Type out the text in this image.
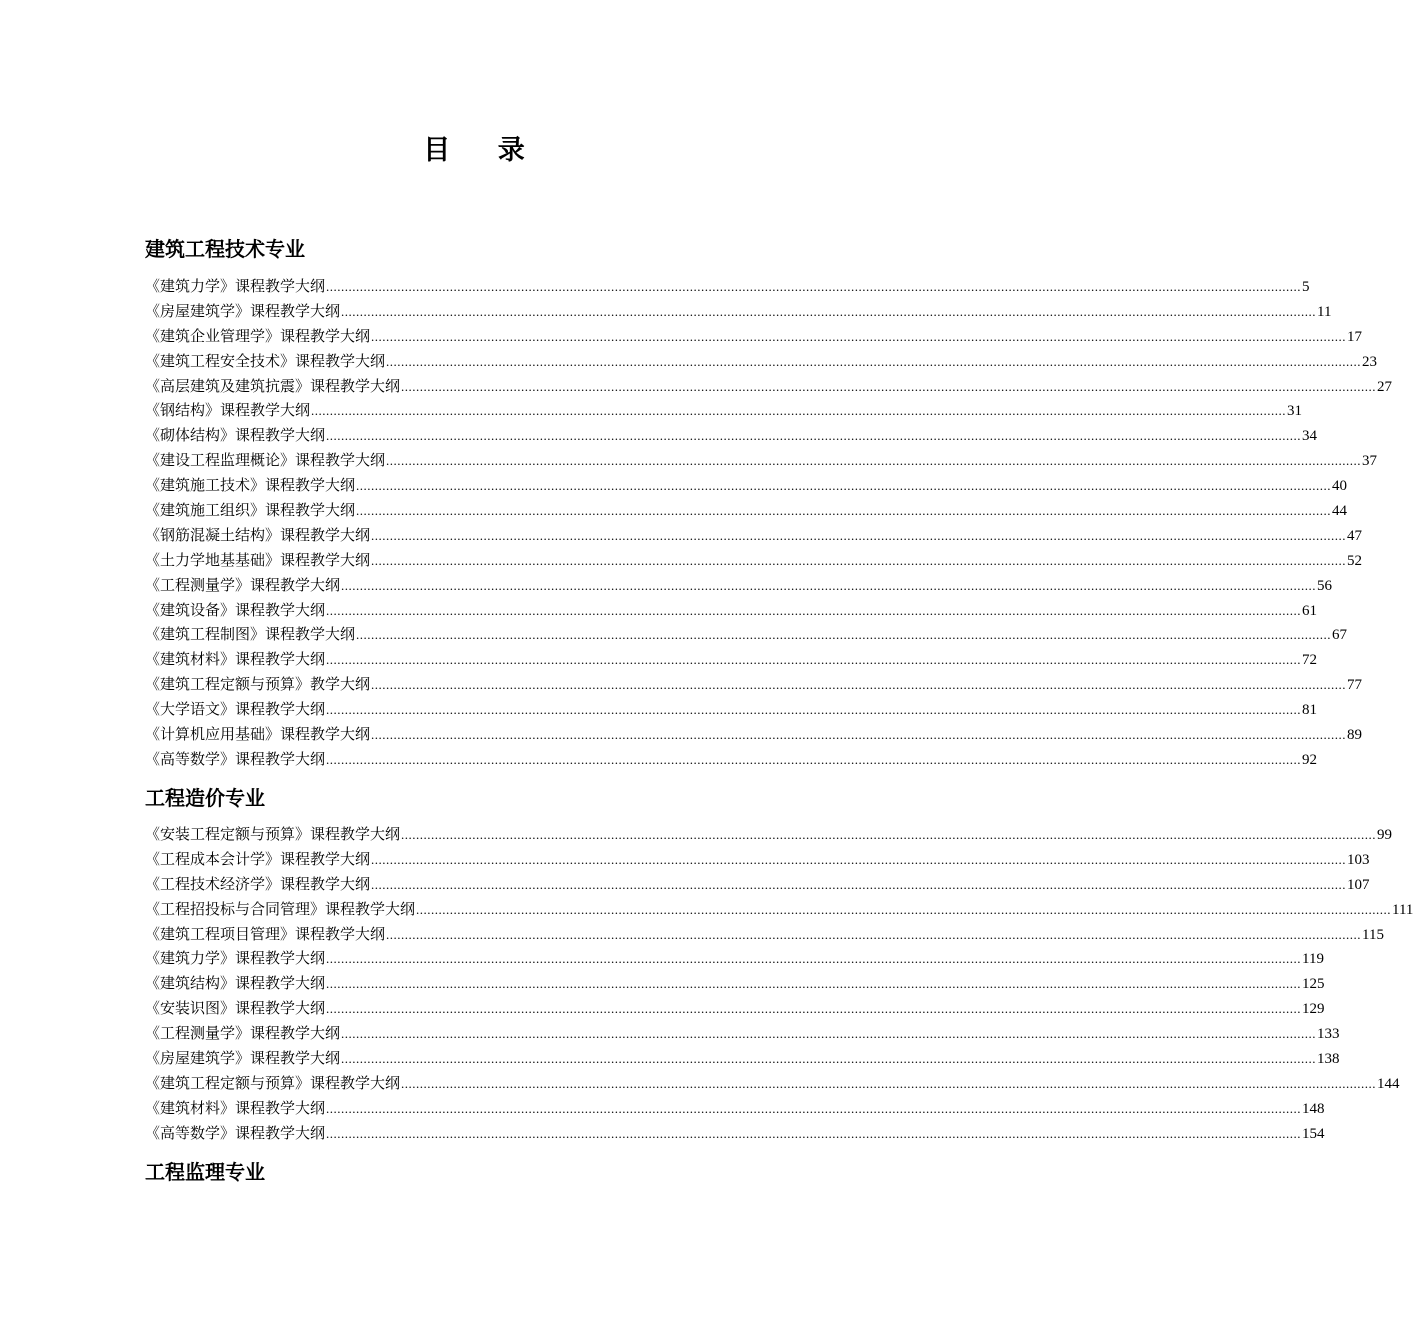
目    录
建筑工程技术专业
《建筑力学》课程教学大纲 .................................................................................................................................................................................................................................................................... 5
《房屋建筑学》课程教学大纲 .................................................................................................................................................................................................................................................................... 11
《建筑企业管理学》课程教学大纲 .................................................................................................................................................................................................................................................................... 17
《建筑工程安全技术》课程教学大纲 .................................................................................................................................................................................................................................................................... 23
《高层建筑及建筑抗震》课程教学大纲 .................................................................................................................................................................................................................................................................... 27
《钢结构》课程教学大纲 .................................................................................................................................................................................................................................................................... 31
《砌体结构》课程教学大纲 .................................................................................................................................................................................................................................................................... 34
《建设工程监理概论》课程教学大纲 .................................................................................................................................................................................................................................................................... 37
《建筑施工技术》课程教学大纲 .................................................................................................................................................................................................................................................................... 40
《建筑施工组织》课程教学大纲 .................................................................................................................................................................................................................................................................... 44
《钢筋混凝土结构》课程教学大纲 .................................................................................................................................................................................................................................................................... 47
《土力学地基基础》课程教学大纲 .................................................................................................................................................................................................................................................................... 52
《工程测量学》课程教学大纲 .................................................................................................................................................................................................................................................................... 56
《建筑设备》课程教学大纲 .................................................................................................................................................................................................................................................................... 61
《建筑工程制图》课程教学大纲 .................................................................................................................................................................................................................................................................... 67
《建筑材料》课程教学大纲 .................................................................................................................................................................................................................................................................... 72
《建筑工程定额与预算》教学大纲 .................................................................................................................................................................................................................................................................... 77
《大学语文》课程教学大纲 .................................................................................................................................................................................................................................................................... 81
《计算机应用基础》课程教学大纲 .................................................................................................................................................................................................................................................................... 89
《高等数学》课程教学大纲 .................................................................................................................................................................................................................................................................... 92
工程造价专业
《安装工程定额与预算》课程教学大纲 .................................................................................................................................................................................................................................................................... 99
《工程成本会计学》课程教学大纲 .................................................................................................................................................................................................................................................................... 103
《工程技术经济学》课程教学大纲 .................................................................................................................................................................................................................................................................... 107
《工程招投标与合同管理》课程教学大纲 .................................................................................................................................................................................................................................................................... 111
《建筑工程项目管理》课程教学大纲 .................................................................................................................................................................................................................................................................... 115
《建筑力学》课程教学大纲 .................................................................................................................................................................................................................................................................... 119
《建筑结构》课程教学大纲 .................................................................................................................................................................................................................................................................... 125
《安装识图》课程教学大纲 .................................................................................................................................................................................................................................................................... 129
《工程测量学》课程教学大纲 .................................................................................................................................................................................................................................................................... 133
《房屋建筑学》课程教学大纲 .................................................................................................................................................................................................................................................................... 138
《建筑工程定额与预算》课程教学大纲 .................................................................................................................................................................................................................................................................... 144
《建筑材料》课程教学大纲 .................................................................................................................................................................................................................................................................... 148
《高等数学》课程教学大纲 .................................................................................................................................................................................................................................................................... 154
工程监理专业
